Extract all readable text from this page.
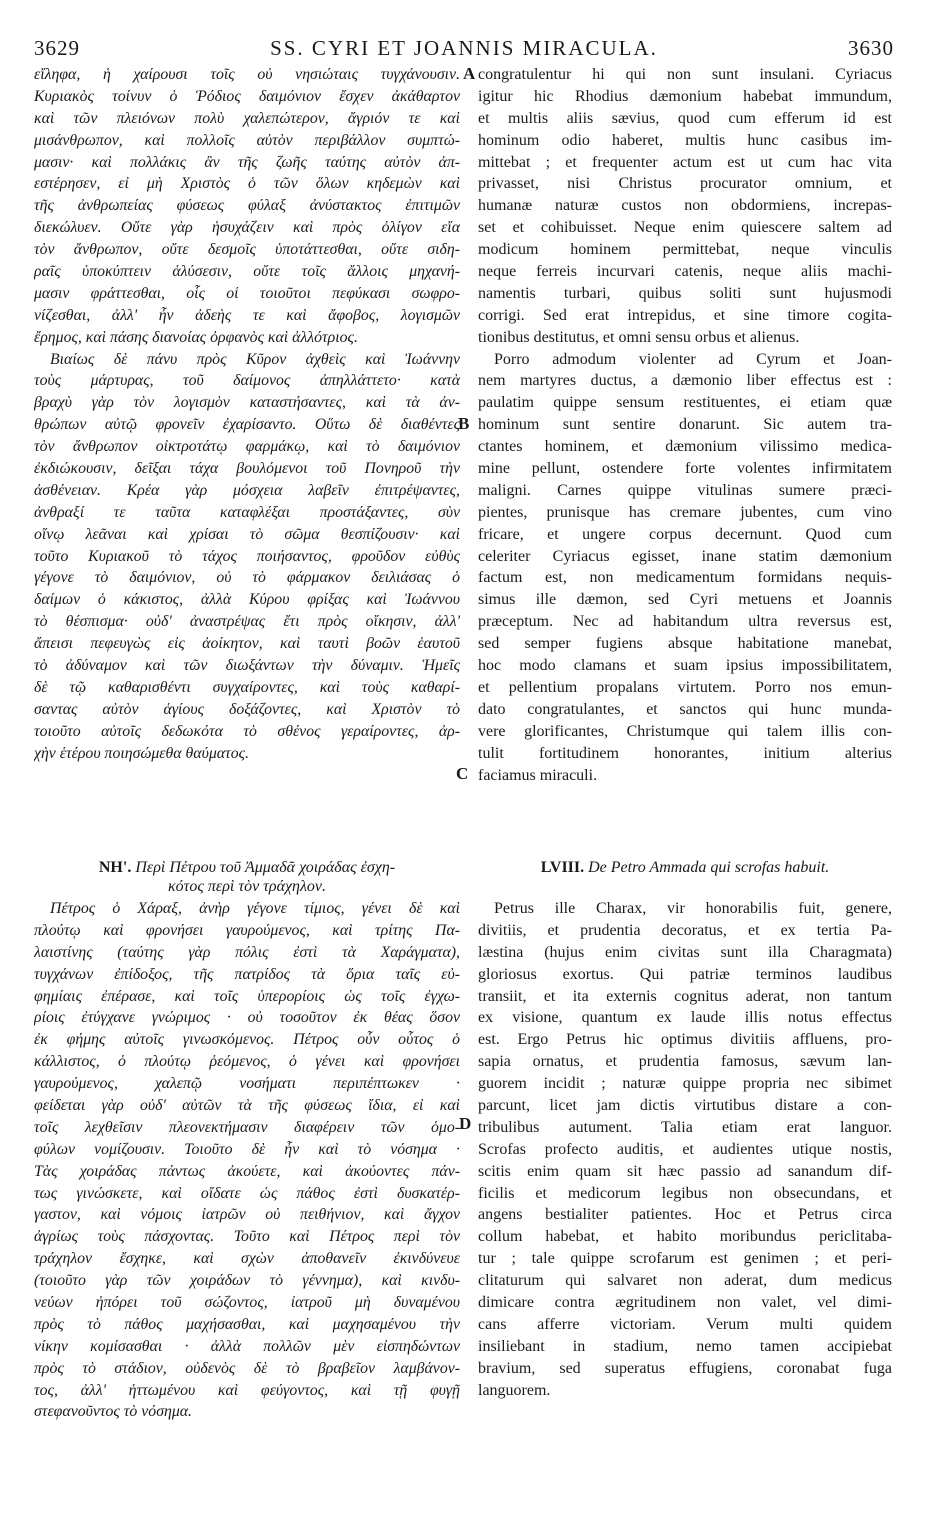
3629	SS. CYRI ET JOANNIS MIRACULA.	3630
εἴληφα, ἡ χαίρουσι τοῖς οὐ νησιώταις τυγχάνουσιν.
Κυριακὸς τοίνυν ὁ Ῥόδιος δαιμόνιον ἔσχεν ἀκάθαρτον
καὶ τῶν πλειόνων πολὺ χαλεπώτερον, ἄγριόν τε καὶ
μισάνθρωπον, καὶ πολλοῖς αὐτὸν περιβάλλον συμπτώ-
μασιν· καὶ πολλάκις ἂν τῆς ζωῆς ταύτης αὐτὸν ἀπ-
εστέρησεν, εἰ μὴ Χριστὸς ὁ τῶν ὅλων κηδεμὼν καὶ
τῆς ἀνθρωπείας φύσεως φύλαξ ἀνύστακτος ἐπιτιμῶν
διεκώλυεν. Οὔτε γὰρ ἡσυχάζειν καὶ πρὸς ὀλίγον εἴα
τὸν ἄνθρωπον, οὔτε δεσμοῖς ὑποτάττεσθαι, οὔτε σιδη-
ραῖς ὑποκύπτειν ἁλύσεσιν, οὔτε τοῖς ἄλλοις μηχανή-
μασιν φράττεσθαι, οἷς οἱ τοιοῦτοι πεφύκασι σωφρο-
νίζεσθαι, ἀλλ' ἦν ἀδεὴς τε καὶ ἄφοβος, λογισμῶν
ἔρημος, καὶ πάσης διανοίας ὀρφανὸς καὶ ἀλλότριος.
Βιαίως δὲ πάνυ πρὸς Κῦρον ἀχθεὶς καὶ Ἰωάννην
τοὺς μάρτυρας, τοῦ δαίμονος ἀπηλλάττετο· κατὰ
βραχὺ γὰρ τὸν λογισμὸν καταστήσαντες, καὶ τὰ ἀν-
θρώπων αὐτῷ φρονεῖν ἐχαρίσαντο. Οὕτω δὲ διαθέντες
τὸν ἄνθρωπον οἰκτροτάτῳ φαρμάκῳ, καὶ τὸ δαιμόνιον
ἐκδιώκουσιν, δεῖξαι τάχα βουλόμενοι τοῦ Πονηροῦ τὴν
ἀσθένειαν. Κρέα γὰρ μόσχεια λαβεῖν ἐπιτρέψαντες,
ἀνθραξί τε ταῦτα καταφλέξαι προστάξαντες, σὺν
οἴνῳ λεᾶναι καὶ χρίσαι τὸ σῶμα θεσπίζουσιν· καὶ
τοῦτο Κυριακοῦ τὸ τάχος ποιήσαντος, φροῦδον εὐθὺς
γέγονε τὸ δαιμόνιον, οὐ τὸ φάρμακον δειλιάσας ὁ
δαίμων ὁ κάκιστος, ἀλλὰ Κύρου φρίξας καὶ Ἰωάννου
τὸ θέσπισμα· οὐδ' ἀναστρέψας ἔτι πρὸς οἴκησιν, ἀλλ'
ἄπεισι πεφευγὼς εἰς ἀοίκητον, καὶ ταυτὶ βοῶν ἑαυτοῦ
τὸ ἀδύναμον καὶ τῶν διωξάντων τὴν δύναμιν. Ἡμεῖς
δὲ τῷ καθαρισθέντι συγχαίροντες, καὶ τοὺς καθαρί-
σαντας αὐτὸν ἁγίους δοξάζοντες, καὶ Χριστὸν τὸ
τοιοῦτο αὐτοῖς δεδωκότα τὸ σθένος γεραίροντες, ἀρ-
χὴν ἑτέρου ποιησώμεθα θαύματος.
ΝΗ'. Περὶ Πέτρου τοῦ Ἀμμαδᾶ χοιράδας ἐσχη-
κότος περὶ τὸν τράχηλον.
Πέτρος ὁ Χάραξ, ἀνὴρ γέγονε τίμιος, γένει δὲ καὶ
πλούτῳ καὶ φρονήσει γαυρούμενος, καὶ τρίτης Πα-
λαιστίνης (ταύτης γὰρ πόλις ἐστὶ τὰ Χαράγματα),
τυγχάνων ἐπίδοξος, τῆς πατρίδος τὰ ὅρια ταῖς εὐ-
φημίαις ἐπέρασε, καὶ τοῖς ὑπερορίοις ὡς τοῖς ἐγχω-
ρίοις ἐτύγχανε γνώριμος · οὐ τοσοῦτον ἐκ θέας ὅσον
ἐκ φήμης αὐτοῖς γινωσκόμενος. Πέτρος οὖν οὗτος ὁ
κάλλιστος, ὁ πλούτῳ ῥεόμενος, ὁ γένει καὶ φρονήσει
γαυρούμενος, χαλεπῷ νοσήματι περιπέπτωκεν ·
φείδεται γὰρ οὐδ' αὐτῶν τὰ τῆς φύσεως ἴδια, εἰ καὶ
τοῖς λεχθεῖσιν πλεονεκτήμασιν διαφέρειν τῶν ὁμο-
φύλων νομίζουσιν. Τοιοῦτο δὲ ἦν καὶ τὸ νόσημα ·
Τὰς χοιράδας πάντως ἀκούετε, καὶ ἀκούοντες πάν-
τως γινώσκετε, καὶ οἴδατε ὡς πάθος ἐστὶ δυσκατέρ-
γαστον, καὶ νόμοις ἰατρῶν οὐ πειθήνιον, καὶ ἄγχον
ἀγρίως τοὺς πάσχοντας. Τοῦτο καὶ Πέτρος περὶ τὸν
τράχηλον ἔσχηκε, καὶ σχὼν ἀποθανεῖν ἐκινδύνευε
(τοιοῦτο γὰρ τῶν χοιράδων τὸ γέννημα), καὶ κινδυ-
νεύων ἠπόρει τοῦ σώζοντος, ἰατροῦ μὴ δυναμένου
πρὸς τὸ πάθος μαχήσασθαι, καὶ μαχησαμένου τὴν
νίκην κομίσασθαι · ἀλλὰ πολλῶν μὲν εἰσπηδώντων
πρὸς τὸ στάδιον, οὐδενὸς δὲ τὸ βραβεῖον λαμβάνον-
τος, ἀλλ' ἡττωμένου καὶ φεύγοντος, καὶ τῇ φυγῇ
στεφανοῦντος τὸ νόσημα.
congratulentur hi qui non sunt insulani. Cyriacus
igitur hic Rhodius dæmonium habebat immundum,
et multis aliis sævius, quod cum efferum id est
hominum odio haberet, multis hunc casibus im-
mittebat ; et frequenter actum est ut cum hac vita
privasset, nisi Christus procurator omnium, et
humanæ naturæ custos non obdormiens, increpas-
set et cohibuisset. Neque enim quiescere saltem ad
modicum hominem permittebat, neque vinculis
neque ferreis incurvari catenis, neque aliis machi-
namentis turbari, quibus soliti sunt hujusmodi
corrigi. Sed erat intrepidus, et sine timore cogita-
tionibus destitutus, et omni sensu orbus et alienus.
Porro admodum violenter ad Cyrum et Joan-
nem martyres ductus, a dæmonio liber effectus est :
paulatim quippe sensum restituentes, ei etiam quæ
hominum sunt sentire donarunt. Sic autem tra-
ctantes hominem, et dæmonium vilissimo medica-
mine pellunt, ostendere forte volentes infirmitatem
maligni. Carnes quippe vitulinas sumere præci-
pientes, prunisque has cremare jubentes, cum vino
fricare, et ungere corpus decernunt. Quod cum
celeriter Cyriacus egisset, inane statim dæmonium
factum est, non medicamentum formidans nequis-
simus ille dæmon, sed Cyri metuens et Joannis
præceptum. Nec ad habitandum ultra reversus est,
sed semper fugiens absque habitatione manebat,
hoc modo clamans et suam ipsius impossibilitatem,
et pellentium propalans virtutem. Porro nos emun-
dato congratulantes, et sanctos qui hunc munda-
vere glorificantes, Christumque qui talem illis con-
tulit fortitudinem honorantes, initium alterius
faciamus miraculi.
LVIII. De Petro Ammada qui scrofas habuit.
Petrus ille Charax, vir honorabilis fuit, genere,
divitiis, et prudentia decoratus, et ex tertia Pa-
læstina (hujus enim civitas sunt illa Charagmata)
gloriosus exortus. Qui patriæ terminos laudibus
transiit, et ita externis cognitus aderat, non tantum
ex visione, quantum ex laude illis notus effectus
est. Ergo Petrus hic optimus divitiis affluens, pro-
sapia ornatus, et prudentia famosus, sævum lan-
guorem incidit ; naturæ quippe propria nec sibimet
parcunt, licet jam dictis virtutibus distare a con-
tribulibus autument. Talia etiam erat languor.
Scrofas profecto auditis, et audientes utique nostis,
scitis enim quam sit hæc passio ad sanandum dif-
ficilis et medicorum legibus non obsecundans, et
angens bestialiter patientes. Hoc et Petrus circa
collum habebat, et habito moribundus periclitaba-
tur ; tale quippe scrofarum est genimen ; et peri-
clitaturum qui salvaret non aderat, dum medicus
dimicare contra ægritudinem non valet, vel dimi-
cans afferre victoriam. Verum multi quidem
insiliebant in stadium, nemo tamen accipiebat
bravium, sed superatus effugiens, coronabat fuga
languorem.
A
B
C
D
